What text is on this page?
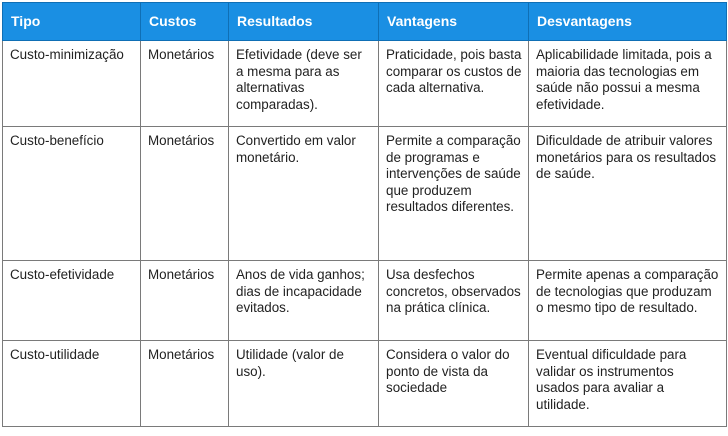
Tipo	Custos	Resultados	Vantagens	Desvantagens
Custo-minimização	Monetários	Efetividade (deve ser a mesma para as alternativas comparadas).	Praticidade, pois basta comparar os custos de cada alternativa.	Aplicabilidade limitada, pois a maioria das tecnologias em saúde não possui a mesma efetividade.
Custo-benefício	Monetários	Convertido em valor monetário.	Permite a comparação de programas e intervenções de saúde que produzem resultados diferentes.	Dificuldade de atribuir valores monetários para os resultados de saúde.
Custo-efetividade	Monetários	Anos de vida ganhos; dias de incapacidade evitados.	Usa desfechos concretos, observados na prática clínica.	Permite apenas a comparação de tecnologias que produzam o mesmo tipo de resultado.
Custo-utilidade	Monetários	Utilidade (valor de uso).	Considera o valor do ponto de vista da sociedade	Eventual dificuldade para validar os instrumentos usados para avaliar a utilidade.
